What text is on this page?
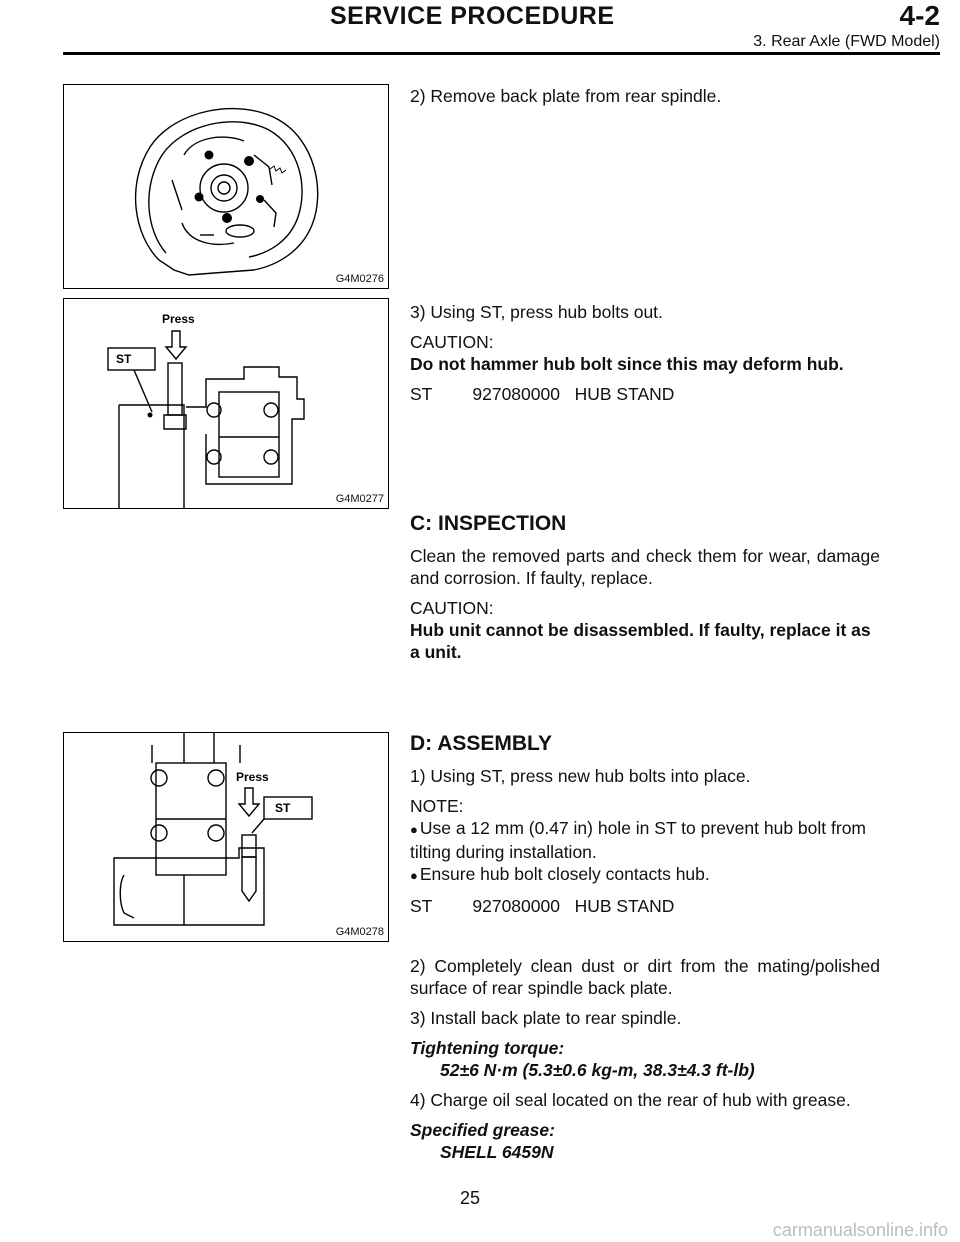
SERVICE PROCEDURE	4-2
3. Rear Axle (FWD Model)
G4M0276
Press
ST
G4M0277
Press
ST
G4M0278

2) Remove back plate from rear spindle.

3) Using ST, press hub bolts out.

CAUTION:
Do not hammer hub bolt since this may deform hub.

ST 927080000 HUB STAND

C: INSPECTION

Clean the removed parts and check them for wear, damage and corrosion. If faulty, replace.

CAUTION:
Hub unit cannot be disassembled. If faulty, replace it as a unit.

D: ASSEMBLY

1) Using ST, press new hub bolts into place.

NOTE:

● Use a 12 mm (0.47 in) hole in ST to prevent hub bolt from tilting during installation.
● Ensure hub bolt closely contacts hub.

ST 927080000 HUB STAND

2) Completely clean dust or dirt from the mating/polished surface of rear spindle back plate.

3) Install back plate to rear spindle.

Tightening torque:
52±6 N·m (5.3±0.6 kg-m, 38.3±4.3 ft-lb)

4) Charge oil seal located on the rear of hub with grease.

Specified grease:
SHELL 6459N

25
carmanualsonline.info
